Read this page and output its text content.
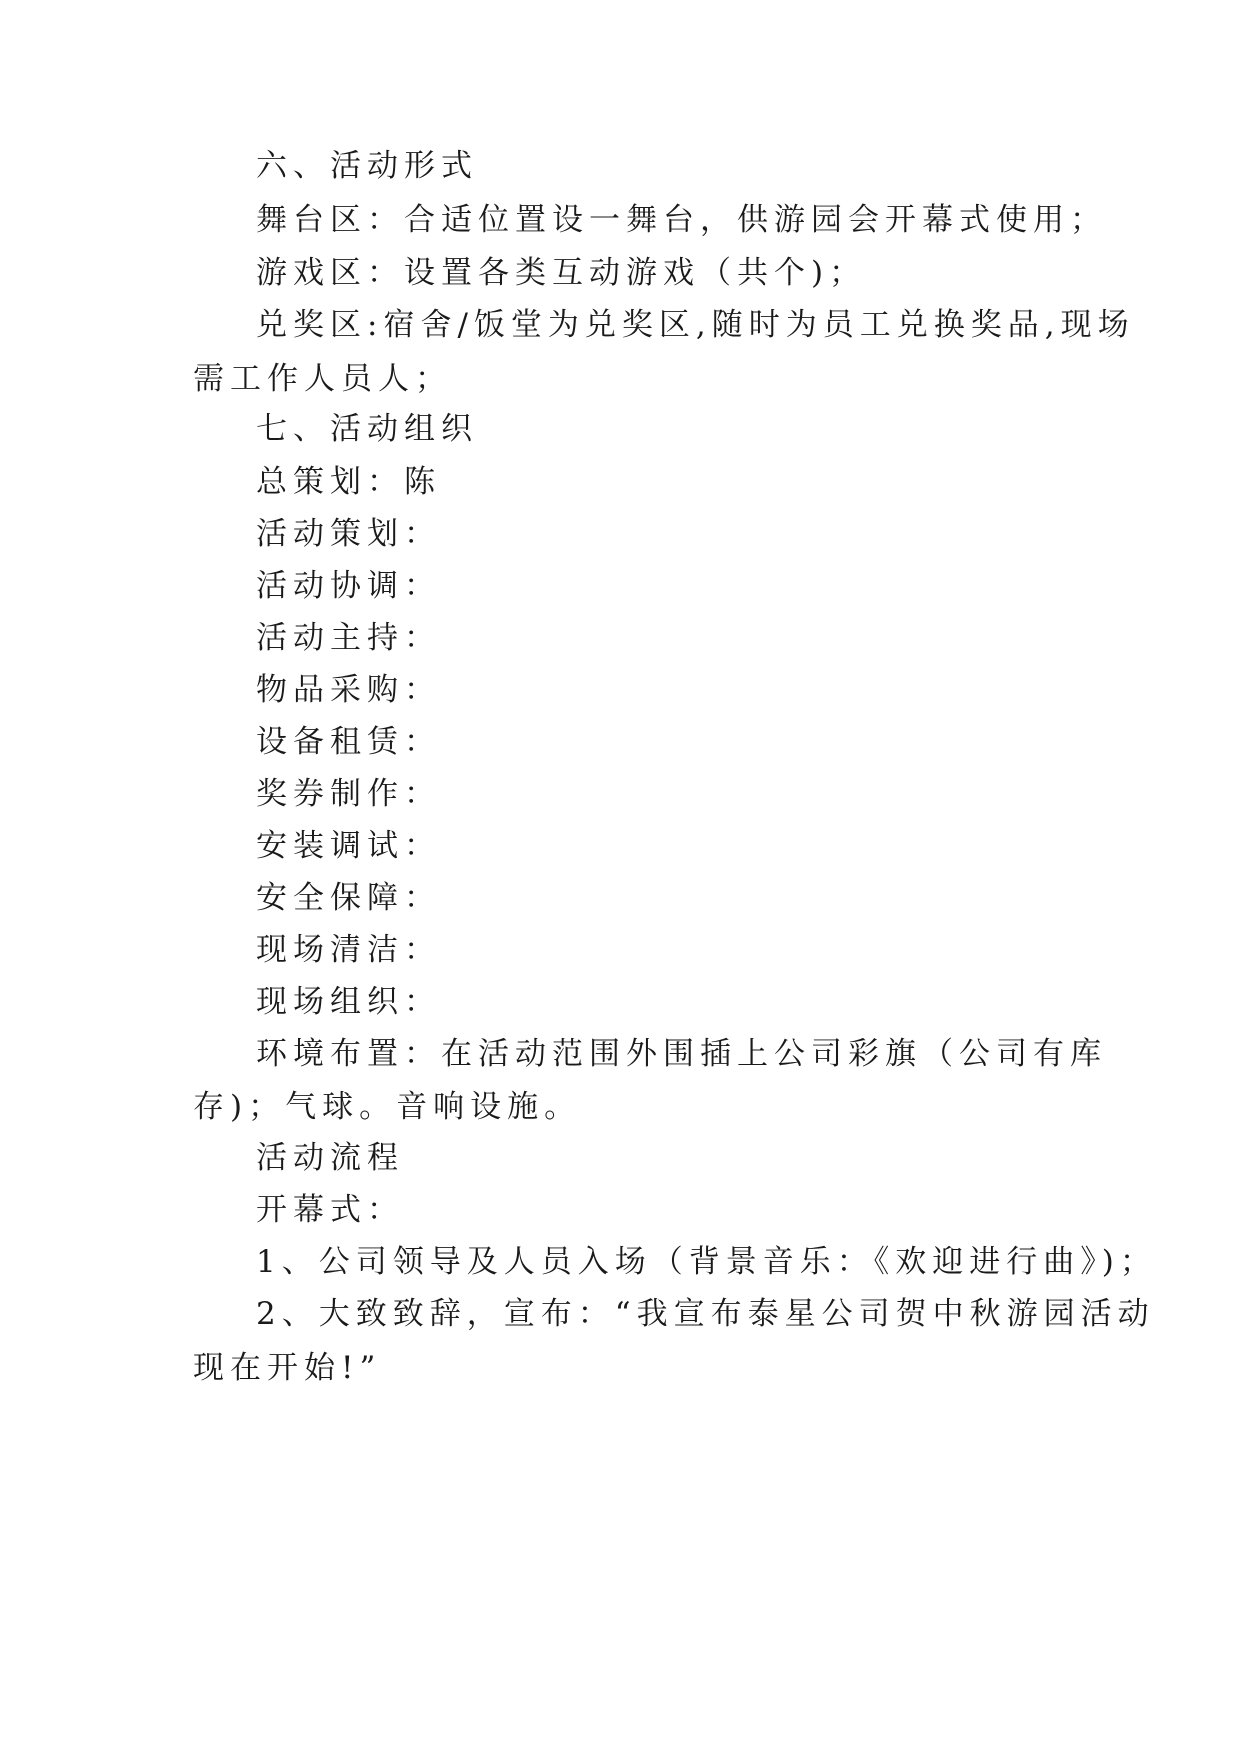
六、活动形式
舞台区：合适位置设一舞台，供游园会开幕式使用；
游戏区：设置各类互动游戏（共个)；
兑奖区:宿舍/饭堂为兑奖区,随时为员工兑换奖品,现场
需工作人员人；
七、活动组织
总策划：陈
活动策划：
活动协调：
活动主持：
物品采购：
设备租赁：
奖券制作：
安装调试：
安全保障：
现场清洁：
现场组织：
环境布置：在活动范围外围插上公司彩旗（公司有库
存)；气球。音响设施。
活动流程
开幕式：
1、公司领导及人员入场（背景音乐：《欢迎进行曲》)；
2、大致致辞，宣布：“我宣布泰星公司贺中秋游园活动
现在开始!”
